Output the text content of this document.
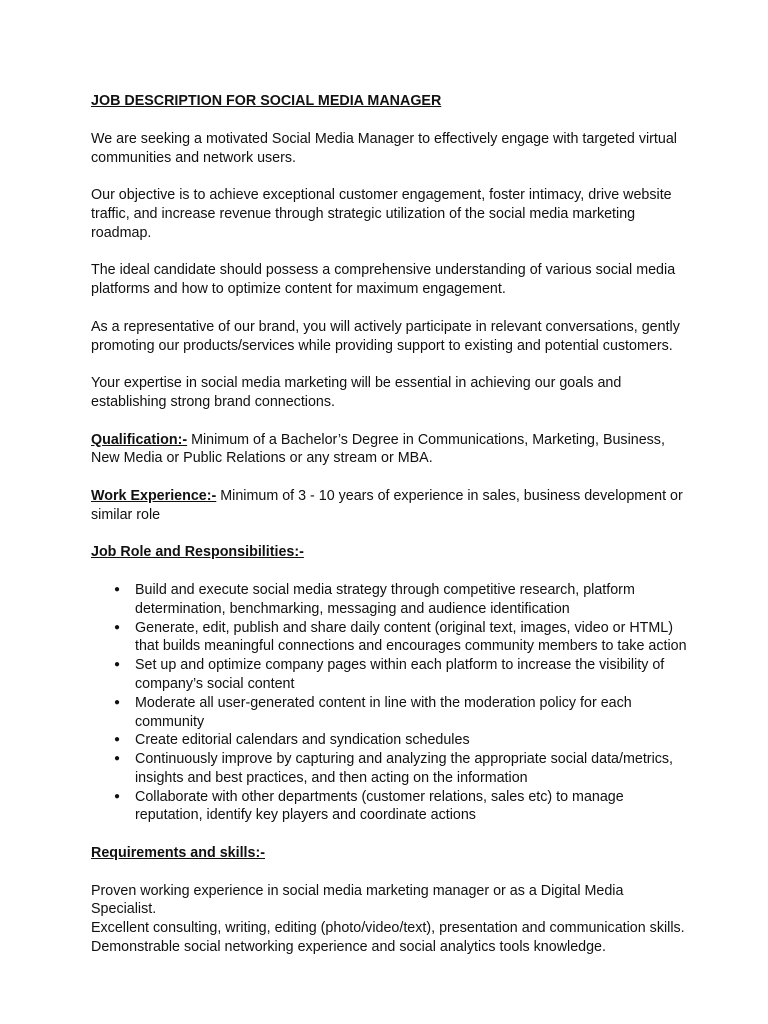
JOB DESCRIPTION FOR SOCIAL MEDIA MANAGER

We are seeking a motivated Social Media Manager to effectively engage with targeted virtual communities and network users.

Our objective is to achieve exceptional customer engagement, foster intimacy, drive website traffic, and increase revenue through strategic utilization of the social media marketing roadmap.

The ideal candidate should possess a comprehensive understanding of various social media platforms and how to optimize content for maximum engagement.

As a representative of our brand, you will actively participate in relevant conversations, gently promoting our products/services while providing support to existing and potential customers.

Your expertise in social media marketing will be essential in achieving our goals and establishing strong brand connections.

Qualification:- Minimum of a Bachelor’s Degree in Communications, Marketing, Business, New Media or Public Relations or any stream or MBA.

Work Experience:- Minimum of 3 - 10 years of experience in sales, business development or similar role

Job Role and Responsibilities:-

● Build and execute social media strategy through competitive research, platform determination, benchmarking, messaging and audience identification
● Generate, edit, publish and share daily content (original text, images, video or HTML) that builds meaningful connections and encourages community members to take action
● Set up and optimize company pages within each platform to increase the visibility of company’s social content
● Moderate all user-generated content in line with the moderation policy for each community
● Create editorial calendars and syndication schedules
● Continuously improve by capturing and analyzing the appropriate social data/metrics, insights and best practices, and then acting on the information
● Collaborate with other departments (customer relations, sales etc) to manage reputation, identify key players and coordinate actions

Requirements and skills:-

Proven working experience in social media marketing manager or as a Digital Media Specialist.
Excellent consulting, writing, editing (photo/video/text), presentation and communication skills.
Demonstrable social networking experience and social analytics tools knowledge.
